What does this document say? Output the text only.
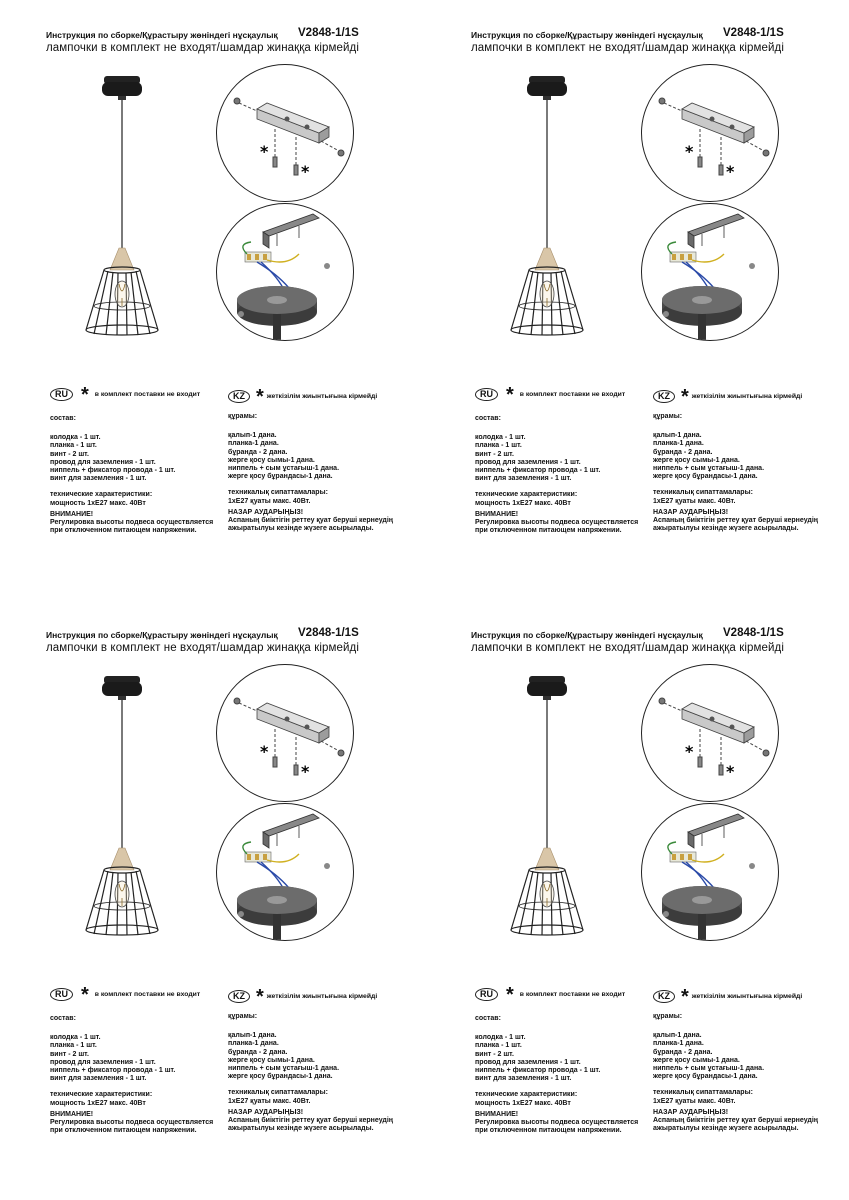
Инструкция по сборке/Құрастыру жөніндегі нұсқаулық V2848-1/1S
лампочки в комплект не входят/шамдар жинаққа кірмейді
*
*
RU * в комплект поставки не входит	KZ * жеткізілім жиынтығына кірмейді
состав:
колодка - 1 шт.
планка - 1 шт.
винт - 2 шт.
провод для заземления - 1 шт.
ниппель + фиксатор провода - 1 шт.
винт для заземления - 1 шт.
технические характеристики:
мощность 1хЕ27 макс. 40Вт
ВНИМАНИЕ!
Регулировка высоты подвеса осуществляется
при отключенном питающем напряжении.
құрамы:
қалып-1 дана.
планка-1 дана.
бұранда - 2 дана.
жерге қосу сымы-1 дана.
ниппель + сым ұстағыш-1 дана.
жерге қосу бұрандасы-1 дана.
техникалық сипаттамалары:
1хЕ27 қуаты макс. 40Вт.
НАЗАР АУДАРЫҢЫЗ!
Аспаның биіктігін реттеу қуат беруші кернеудің
ажыратылуы кезінде жүзеге асырылады.
Инструкция по сборке/Құрастыру жөніндегі нұсқаулық V2848-1/1S
лампочки в комплект не входят/шамдар жинаққа кірмейді
*
*
RU * в комплект поставки не входит	KZ * жеткізілім жиынтығына кірмейді
состав:
колодка - 1 шт.
планка - 1 шт.
винт - 2 шт.
провод для заземления - 1 шт.
ниппель + фиксатор провода - 1 шт.
винт для заземления - 1 шт.
технические характеристики:
мощность 1хЕ27 макс. 40Вт
ВНИМАНИЕ!
Регулировка высоты подвеса осуществляется
при отключенном питающем напряжении.
құрамы:
қалып-1 дана.
планка-1 дана.
бұранда - 2 дана.
жерге қосу сымы-1 дана.
ниппель + сым ұстағыш-1 дана.
жерге қосу бұрандасы-1 дана.
техникалық сипаттамалары:
1хЕ27 қуаты макс. 40Вт.
НАЗАР АУДАРЫҢЫЗ!
Аспаның биіктігін реттеу қуат беруші кернеудің
ажыратылуы кезінде жүзеге асырылады.
Инструкция по сборке/Құрастыру жөніндегі нұсқаулық V2848-1/1S
лампочки в комплект не входят/шамдар жинаққа кірмейді
*
*
RU * в комплект поставки не входит	KZ * жеткізілім жиынтығына кірмейді
состав:
колодка - 1 шт.
планка - 1 шт.
винт - 2 шт.
провод для заземления - 1 шт.
ниппель + фиксатор провода - 1 шт.
винт для заземления - 1 шт.
технические характеристики:
мощность 1хЕ27 макс. 40Вт
ВНИМАНИЕ!
Регулировка высоты подвеса осуществляется
при отключенном питающем напряжении.
құрамы:
қалып-1 дана.
планка-1 дана.
бұранда - 2 дана.
жерге қосу сымы-1 дана.
ниппель + сым ұстағыш-1 дана.
жерге қосу бұрандасы-1 дана.
техникалық сипаттамалары:
1хЕ27 қуаты макс. 40Вт.
НАЗАР АУДАРЫҢЫЗ!
Аспаның биіктігін реттеу қуат беруші кернеудің
ажыратылуы кезінде жүзеге асырылады.
Инструкция по сборке/Құрастыру жөніндегі нұсқаулық V2848-1/1S
лампочки в комплект не входят/шамдар жинаққа кірмейді
*
*
RU * в комплект поставки не входит	KZ * жеткізілім жиынтығына кірмейді
состав:
колодка - 1 шт.
планка - 1 шт.
винт - 2 шт.
провод для заземления - 1 шт.
ниппель + фиксатор провода - 1 шт.
винт для заземления - 1 шт.
технические характеристики:
мощность 1хЕ27 макс. 40Вт
ВНИМАНИЕ!
Регулировка высоты подвеса осуществляется
при отключенном питающем напряжении.
құрамы:
қалып-1 дана.
планка-1 дана.
бұранда - 2 дана.
жерге қосу сымы-1 дана.
ниппель + сым ұстағыш-1 дана.
жерге қосу бұрандасы-1 дана.
техникалық сипаттамалары:
1хЕ27 қуаты макс. 40Вт.
НАЗАР АУДАРЫҢЫЗ!
Аспаның биіктігін реттеу қуат беруші кернеудің
ажыратылуы кезінде жүзеге асырылады.
